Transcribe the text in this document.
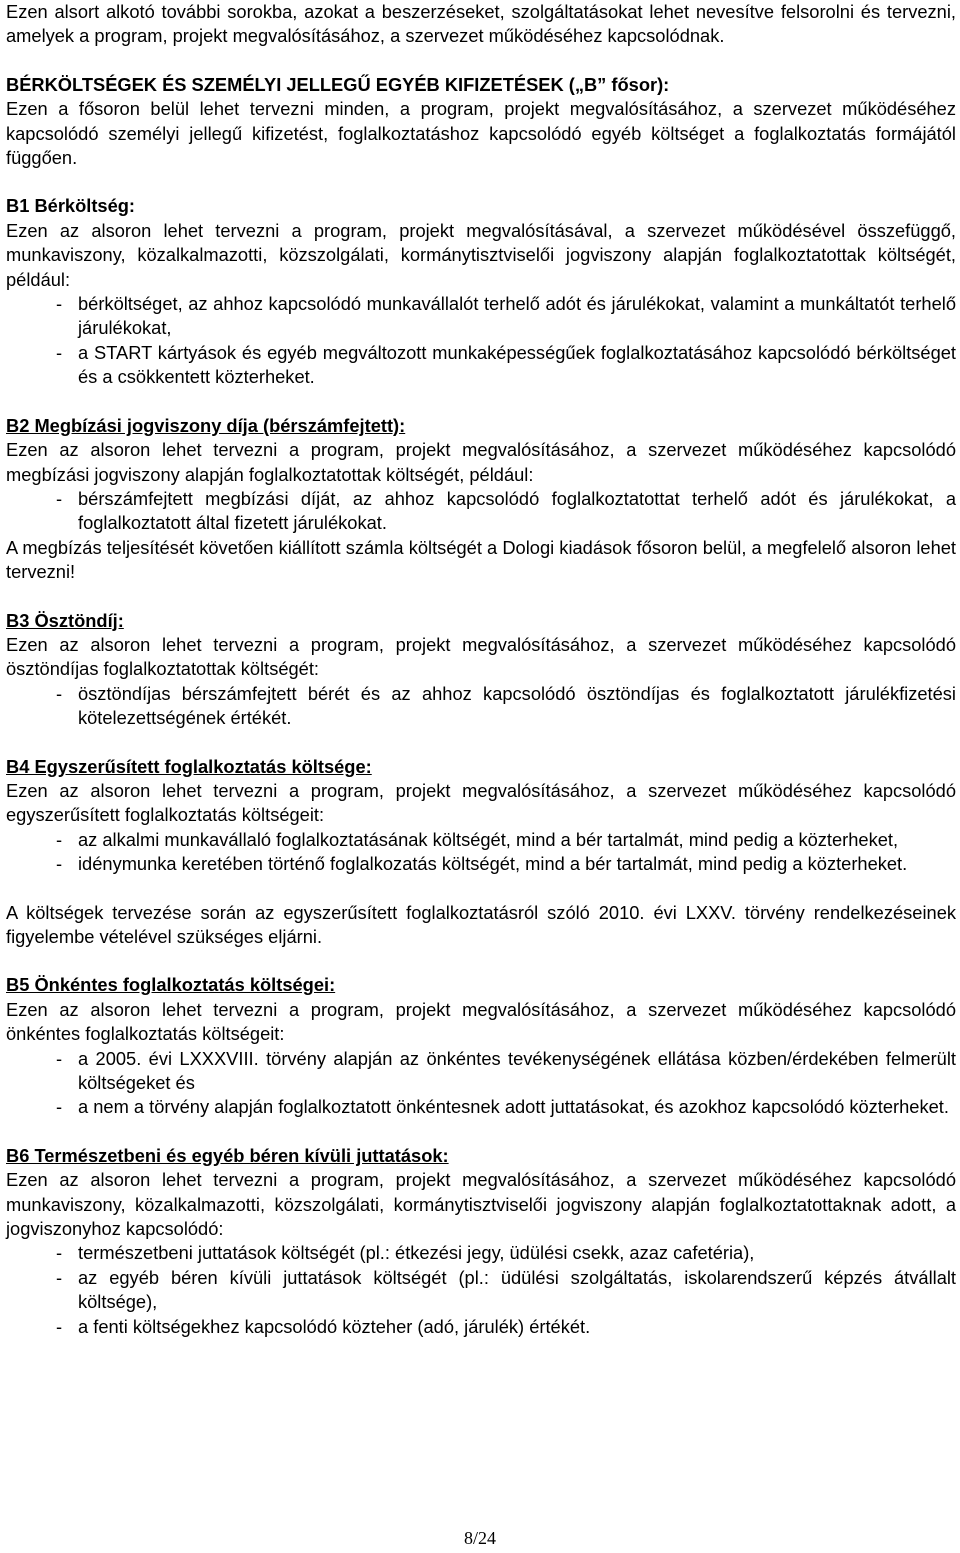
Ezen alsort alkotó további sorokba, azokat a beszerzéseket, szolgáltatásokat lehet nevesítve felsorolni és tervezni, amelyek a program, projekt megvalósításához, a szervezet működéséhez kapcsolódnak.

BÉRKÖLTSÉGEK ÉS SZEMÉLYI JELLEGŰ EGYÉB KIFIZETÉSEK („B” fősor):

Ezen a fősoron belül lehet tervezni minden, a program, projekt megvalósításához, a szervezet működéséhez kapcsolódó személyi jellegű kifizetést, foglalkoztatáshoz kapcsolódó egyéb költséget a foglalkoztatás formájától függően.

B1 Bérköltség:

Ezen az alsoron lehet tervezni a program, projekt megvalósításával, a szervezet működésével összefüggő, munkaviszony, közalkalmazotti, közszolgálati, kormánytisztviselői jogviszony alapján foglalkoztatottak költségét, például:

- bérköltséget, az ahhoz kapcsolódó munkavállalót terhelő adót és járulékokat, valamint a munkáltatót terhelő járulékokat,
- a START kártyások és egyéb megváltozott munkaképességűek foglalkoztatásához kapcsolódó bérköltséget és a csökkentett közterheket.

B2 Megbízási jogviszony díja (bérszámfejtett):

Ezen az alsoron lehet tervezni a program, projekt megvalósításához, a szervezet működéséhez kapcsolódó megbízási jogviszony alapján foglalkoztatottak költségét, például:

- bérszámfejtett megbízási díját, az ahhoz kapcsolódó foglalkoztatottat terhelő adót és járulékokat, a foglalkoztatott által fizetett járulékokat.

A megbízás teljesítését követően kiállított számla költségét a Dologi kiadások fősoron belül, a megfelelő alsoron lehet tervezni!

B3 Ösztöndíj:

Ezen az alsoron lehet tervezni a program, projekt megvalósításához, a szervezet működéséhez kapcsolódó ösztöndíjas foglalkoztatottak költségét:

- ösztöndíjas bérszámfejtett bérét és az ahhoz kapcsolódó ösztöndíjas és foglalkoztatott járulékfizetési kötelezettségének értékét.

B4 Egyszerűsített foglalkoztatás költsége:

Ezen az alsoron lehet tervezni a program, projekt megvalósításához, a szervezet működéséhez kapcsolódó egyszerűsített foglalkoztatás költségeit:

- az alkalmi munkavállaló foglalkoztatásának költségét, mind a bér tartalmát, mind pedig a közterheket,
- idénymunka keretében történő foglalkozatás költségét, mind a bér tartalmát, mind pedig a közterheket.

A költségek tervezése során az egyszerűsített foglalkoztatásról szóló 2010. évi LXXV. törvény rendelkezéseinek figyelembe vételével szükséges eljárni.

B5 Önkéntes foglalkoztatás költségei:

Ezen az alsoron lehet tervezni a program, projekt megvalósításához, a szervezet működéséhez kapcsolódó önkéntes foglalkoztatás költségeit:

- a 2005. évi LXXXVIII. törvény alapján az önkéntes tevékenységének ellátása közben/érdekében felmerült költségeket és
- a nem a törvény alapján foglalkoztatott önkéntesnek adott juttatásokat, és azokhoz kapcsolódó közterheket.

B6 Természetbeni és egyéb béren kívüli juttatások:

Ezen az alsoron lehet tervezni a program, projekt megvalósításához, a szervezet működéséhez kapcsolódó munkaviszony, közalkalmazotti, közszolgálati, kormánytisztviselői jogviszony alapján foglalkoztatottaknak adott, a jogviszonyhoz kapcsolódó:

- természetbeni juttatások költségét (pl.: étkezési jegy, üdülési csekk, azaz cafetéria),
- az egyéb béren kívüli juttatások költségét (pl.: üdülési szolgáltatás, iskolarendszerű képzés átvállalt költsége),
- a fenti költségekhez kapcsolódó közteher (adó, járulék) értékét.
8/24
